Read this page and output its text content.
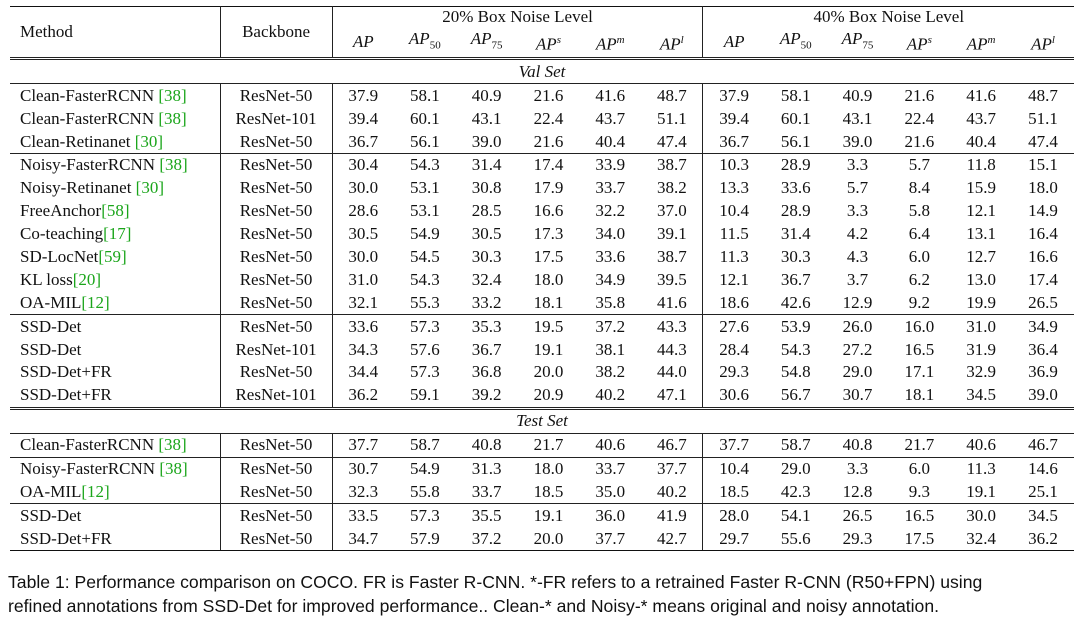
Method	Backbone	20% Box Noise Level						40% Box Noise Level					
		AP	$AP_{50}$	$AP_{75}$	$AP^s$	$AP^m$	$AP^l$	AP	$AP_{50}$	$AP_{75}$	$AP^s$	$AP^m$	$AP^l$
Val Set													
Clean-FasterRCNN [38]	ResNet-50	37.9	58.1	40.9	21.6	41.6	48.7	37.9	58.1	40.9	21.6	41.6	48.7
Clean-FasterRCNN [38]	ResNet-101	39.4	60.1	43.1	22.4	43.7	51.1	39.4	60.1	43.1	22.4	43.7	51.1
Clean-Retinanet [30]	ResNet-50	36.7	56.1	39.0	21.6	40.4	47.4	36.7	56.1	39.0	21.6	40.4	47.4
Noisy-FasterRCNN [38]	ResNet-50	30.4	54.3	31.4	17.4	33.9	38.7	10.3	28.9	3.3	5.7	11.8	15.1
Noisy-Retinanet [30]	ResNet-50	30.0	53.1	30.8	17.9	33.7	38.2	13.3	33.6	5.7	8.4	15.9	18.0
FreeAnchor[58]	ResNet-50	28.6	53.1	28.5	16.6	32.2	37.0	10.4	28.9	3.3	5.8	12.1	14.9
Co-teaching[17]	ResNet-50	30.5	54.9	30.5	17.3	34.0	39.1	11.5	31.4	4.2	6.4	13.1	16.4
SD-LocNet[59]	ResNet-50	30.0	54.5	30.3	17.5	33.6	38.7	11.3	30.3	4.3	6.0	12.7	16.6
KL loss[20]	ResNet-50	31.0	54.3	32.4	18.0	34.9	39.5	12.1	36.7	3.7	6.2	13.0	17.4
OA-MIL[12]	ResNet-50	32.1	55.3	33.2	18.1	35.8	41.6	18.6	42.6	12.9	9.2	19.9	26.5
SSD-Det	ResNet-50	33.6	57.3	35.3	19.5	37.2	43.3	27.6	53.9	26.0	16.0	31.0	34.9
SSD-Det	ResNet-101	34.3	57.6	36.7	19.1	38.1	44.3	28.4	54.3	27.2	16.5	31.9	36.4
SSD-Det+FR	ResNet-50	34.4	57.3	36.8	20.0	38.2	44.0	29.3	54.8	29.0	17.1	32.9	36.9
SSD-Det+FR	ResNet-101	36.2	59.1	39.2	20.9	40.2	47.1	30.6	56.7	30.7	18.1	34.5	39.0
Test Set													
Clean-FasterRCNN [38]	ResNet-50	37.7	58.7	40.8	21.7	40.6	46.7	37.7	58.7	40.8	21.7	40.6	46.7
Noisy-FasterRCNN [38]	ResNet-50	30.7	54.9	31.3	18.0	33.7	37.7	10.4	29.0	3.3	6.0	11.3	14.6
OA-MIL[12]	ResNet-50	32.3	55.8	33.7	18.5	35.0	40.2	18.5	42.3	12.8	9.3	19.1	25.1
SSD-Det	ResNet-50	33.5	57.3	35.5	19.1	36.0	41.9	28.0	54.1	26.5	16.5	30.0	34.5
SSD-Det+FR	ResNet-50	34.7	57.9	37.2	20.0	37.7	42.7	29.7	55.6	29.3	17.5	32.4	36.2
Table 1: Performance comparison on COCO. FR is Faster R-CNN. *-FR refers to a retrained Faster R-CNN (R50+FPN) using
refined annotations from SSD-Det for improved performance.. Clean-* and Noisy-* means original and noisy annotation.
